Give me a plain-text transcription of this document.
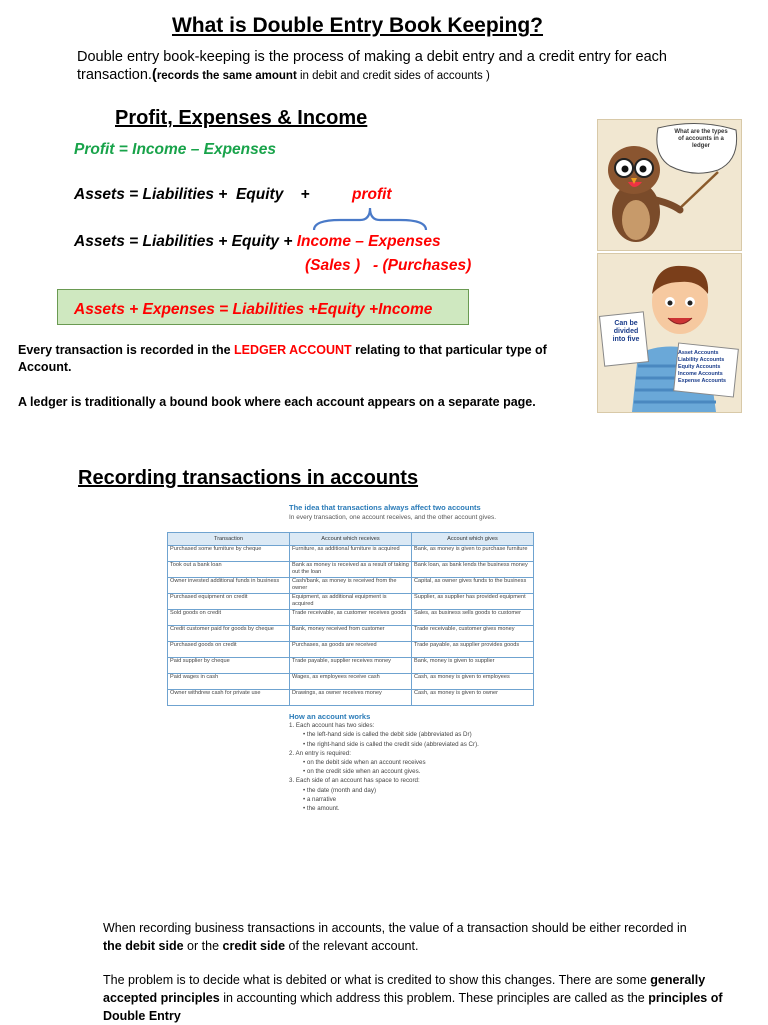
What is Double Entry Book Keeping?
Double entry book-keeping is the process of making a debit entry and a credit entry for each
transaction.(records the same amount in debit and credit sides of accounts )
Profit, Expenses & Income
Profit = Income – Expenses
Assets = Liabilities +  Equity    +	profit
Assets = Liabilities + Equity + Income – Expenses
(Sales )   - (Purchases)
Assets + Expenses = Liabilities +Equity +Income
Every transaction is recorded in the LEDGER ACCOUNT relating to that particular type of
Account.
A ledger is traditionally a bound book where each account appears on a separate page.
What are the types of accounts in a ledger
Can be divided into five
Asset Accounts
Liability Accounts
Equity Accounts
Income Accounts
Expense Accounts
Recording transactions in accounts
The idea that transactions always affect two accounts
In every transaction, one account receives, and the other account gives.
Transaction	Account which receives	Account which gives
Purchased some furniture by cheque	Furniture, as additional furniture is acquired	Bank, as money is given to purchase furniture
Took out a bank loan	Bank as money is received as a result of taking out the loan	Bank loan, as bank lends the business money
Owner invested additional funds in business	Cash/bank, as money is received from the owner	Capital, as owner gives funds to the business
Purchased equipment on credit	Equipment, as additional equipment is acquired	Supplier, as supplier has provided equipment
Sold goods on credit	Trade receivable, as customer receives goods	Sales, as business sells goods to customer
Credit customer paid for goods by cheque	Bank, money received from customer	Trade receivable, customer gives money
Purchased goods on credit	Purchases, as goods are received	Trade payable, as supplier provides goods
Paid supplier by cheque	Trade payable, supplier receives money	Bank, money is given to supplier
Paid wages in cash	Wages, as employees receive cash	Cash, as money is given to employees
Owner withdrew cash for private use	Drawings, as owner receives money	Cash, as money is given to owner
How an account works
1. Each account has two sides:
• the left-hand side is called the debit side (abbreviated as Dr)
• the right-hand side is called the credit side (abbreviated as Cr).
2. An entry is required:
• on the debit side when an account receives
• on the credit side when an account gives.
3. Each side of an account has space to record:
• the date (month and day)
• a narrative
• the amount.
When recording business transactions in accounts, the value of a transaction should be either recorded in
the debit side or the credit side of the relevant account.
The problem is to decide what is debited or what is credited to show this changes. There are some generally
accepted principles in accounting which address this problem. These principles are called as the principles of
Double Entry
